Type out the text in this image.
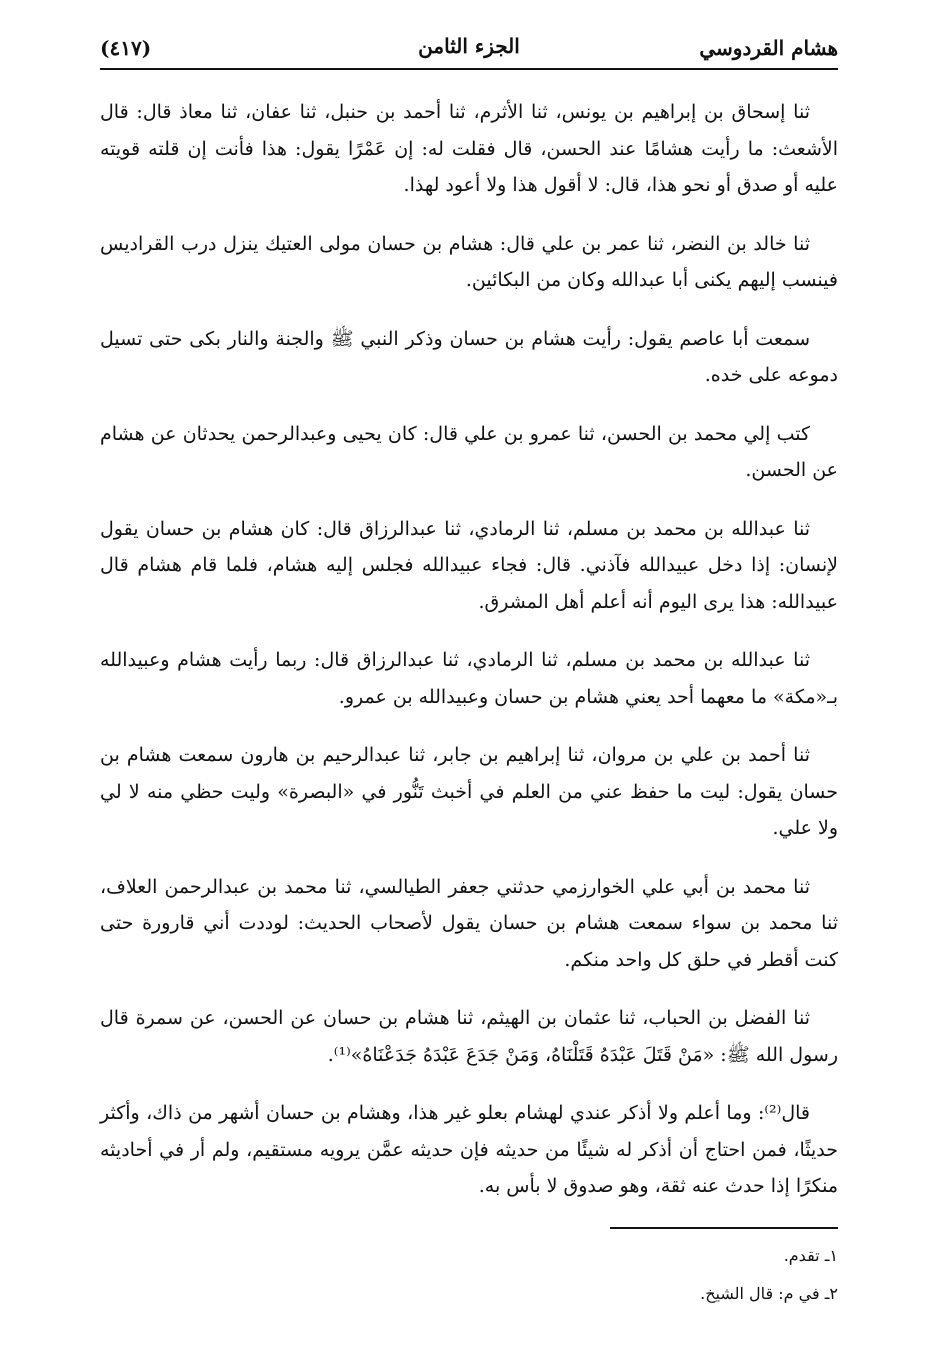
هشام القردوسي
الجزء الثامن
(٤١٧)

ثنا إسحاق بن إبراهيم بن يونس، ثنا الأثرم، ثنا أحمد بن حنبل، ثنا عفان، ثنا معاذ قال: قال الأشعث: ما رأيت هشامًا عند الحسن، قال فقلت له: إن عَمْرًا يقول: هذا فأنت إن قلته قويته عليه أو صدق أو نحو هذا، قال: لا أقول هذا ولا أعود لهذا.

ثنا خالد بن النضر، ثنا عمر بن علي قال: هشام بن حسان مولى العتيك ينزل درب القراديس فينسب إليهم يكنى أبا عبدالله وكان من البكائين.

سمعت أبا عاصم يقول: رأيت هشام بن حسان وذكر النبي ﷺ والجنة والنار بكى حتى تسيل دموعه على خده.

كتب إلي محمد بن الحسن، ثنا عمرو بن علي قال: كان يحيى وعبدالرحمن يحدثان عن هشام عن الحسن.

ثنا عبدالله بن محمد بن مسلم، ثنا الرمادي، ثنا عبدالرزاق قال: كان هشام بن حسان يقول لإنسان: إذا دخل عبيدالله فآذني. قال: فجاء عبيدالله فجلس إليه هشام، فلما قام هشام قال عبيدالله: هذا يرى اليوم أنه أعلم أهل المشرق.

ثنا عبدالله بن محمد بن مسلم، ثنا الرمادي، ثنا عبدالرزاق قال: ربما رأيت هشام وعبيدالله بـ«مكة» ما معهما أحد يعني هشام بن حسان وعبيدالله بن عمرو.

ثنا أحمد بن علي بن مروان، ثنا إبراهيم بن جابر، ثنا عبدالرحيم بن هارون سمعت هشام بن حسان يقول: ليت ما حفظ عني من العلم في أخبث تَنُّور في «البصرة» وليت حظي منه لا لي ولا علي.

ثنا محمد بن أبي علي الخوارزمي حدثني جعفر الطيالسي، ثنا محمد بن عبدالرحمن العلاف، ثنا محمد بن سواء سمعت هشام بن حسان يقول لأصحاب الحديث: لوددت أني قارورة حتى كنت أقطر في حلق كل واحد منكم.

ثنا الفضل بن الحباب، ثنا عثمان بن الهيثم، ثنا هشام بن حسان عن الحسن، عن سمرة قال رسول الله ﷺ: «مَنْ قَتَلَ عَبْدَهُ قَتَلْنَاهُ، وَمَنْ جَدَعَ عَبْدَهُ جَدَعْنَاهُ»⁽¹⁾.

قال⁽²⁾: وما أعلم ولا أذكر عندي لهشام بعلو غير هذا، وهشام بن حسان أشهر من ذاك، وأكثر حديثًا، فمن احتاج أن أذكر له شيئًا من حديثه فإن حديثه عمَّن يرويه مستقيم، ولم أر في أحاديثه منكرًا إذا حدث عنه ثقة، وهو صدوق لا بأس به.

١ـ تقدم.
٢ـ في م: قال الشيخ.
